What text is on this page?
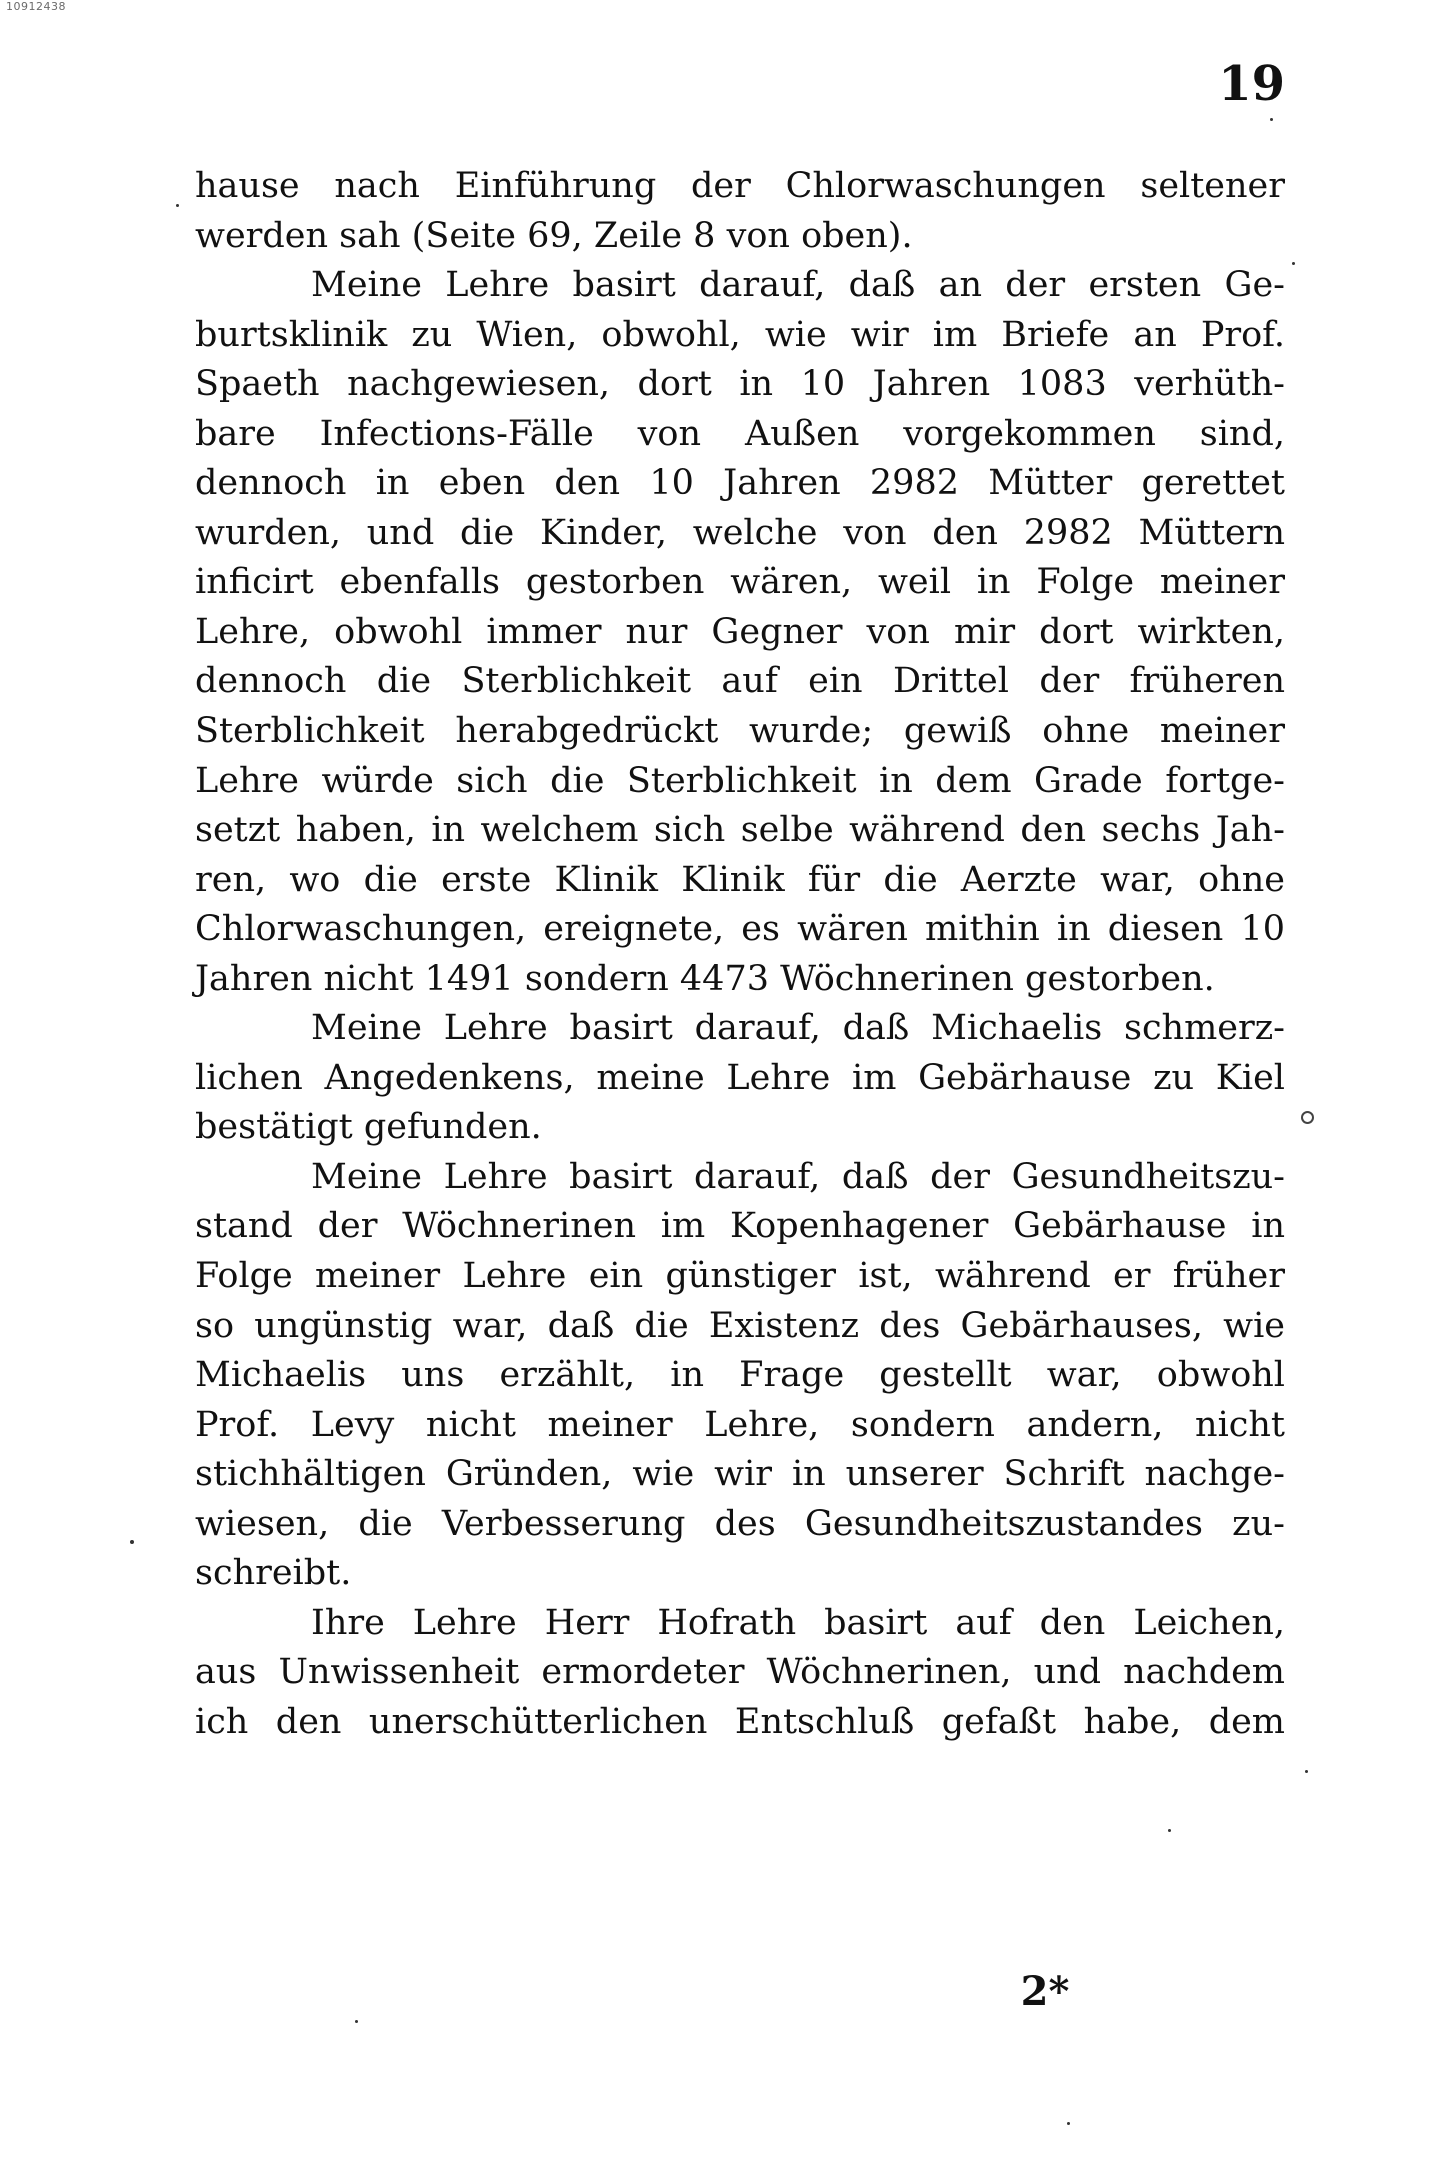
10912438
19
hause nach Einführung der Chlorwaschungen seltener
werden sah (Seite 69, Zeile 8 von oben).
Meine Lehre basirt darauf, daß an der ersten Ge-
burtsklinik zu Wien, obwohl, wie wir im Briefe an Prof.
Spaeth nachgewiesen, dort in 10 Jahren 1083 verhüth-
bare Infections-Fälle von Außen vorgekommen sind,
dennoch in eben den 10 Jahren 2982 Mütter gerettet
wurden, und die Kinder, welche von den 2982 Müttern
inficirt ebenfalls gestorben wären, weil in Folge meiner
Lehre, obwohl immer nur Gegner von mir dort wirkten,
dennoch die Sterblichkeit auf ein Drittel der früheren
Sterblichkeit herabgedrückt wurde; gewiß ohne meiner
Lehre würde sich die Sterblichkeit in dem Grade fortge-
setzt haben, in welchem sich selbe während den sechs Jah-
ren, wo die erste Klinik Klinik für die Aerzte war, ohne
Chlorwaschungen, ereignete, es wären mithin in diesen 10
Jahren nicht 1491 sondern 4473 Wöchnerinen gestorben.
Meine Lehre basirt darauf, daß Michaelis schmerz-
lichen Angedenkens, meine Lehre im Gebärhause zu Kiel
bestätigt gefunden.
Meine Lehre basirt darauf, daß der Gesundheitszu-
stand der Wöchnerinen im Kopenhagener Gebärhause in
Folge meiner Lehre ein günstiger ist, während er früher
so ungünstig war, daß die Existenz des Gebärhauses, wie
Michaelis uns erzählt, in Frage gestellt war, obwohl
Prof. Levy nicht meiner Lehre, sondern andern, nicht
stichhältigen Gründen, wie wir in unserer Schrift nachge-
wiesen, die Verbesserung des Gesundheitszustandes zu-
schreibt.
Ihre Lehre Herr Hofrath basirt auf den Leichen,
aus Unwissenheit ermordeter Wöchnerinen, und nachdem
ich den unerschütterlichen Entschluß gefaßt habe, dem
2*
